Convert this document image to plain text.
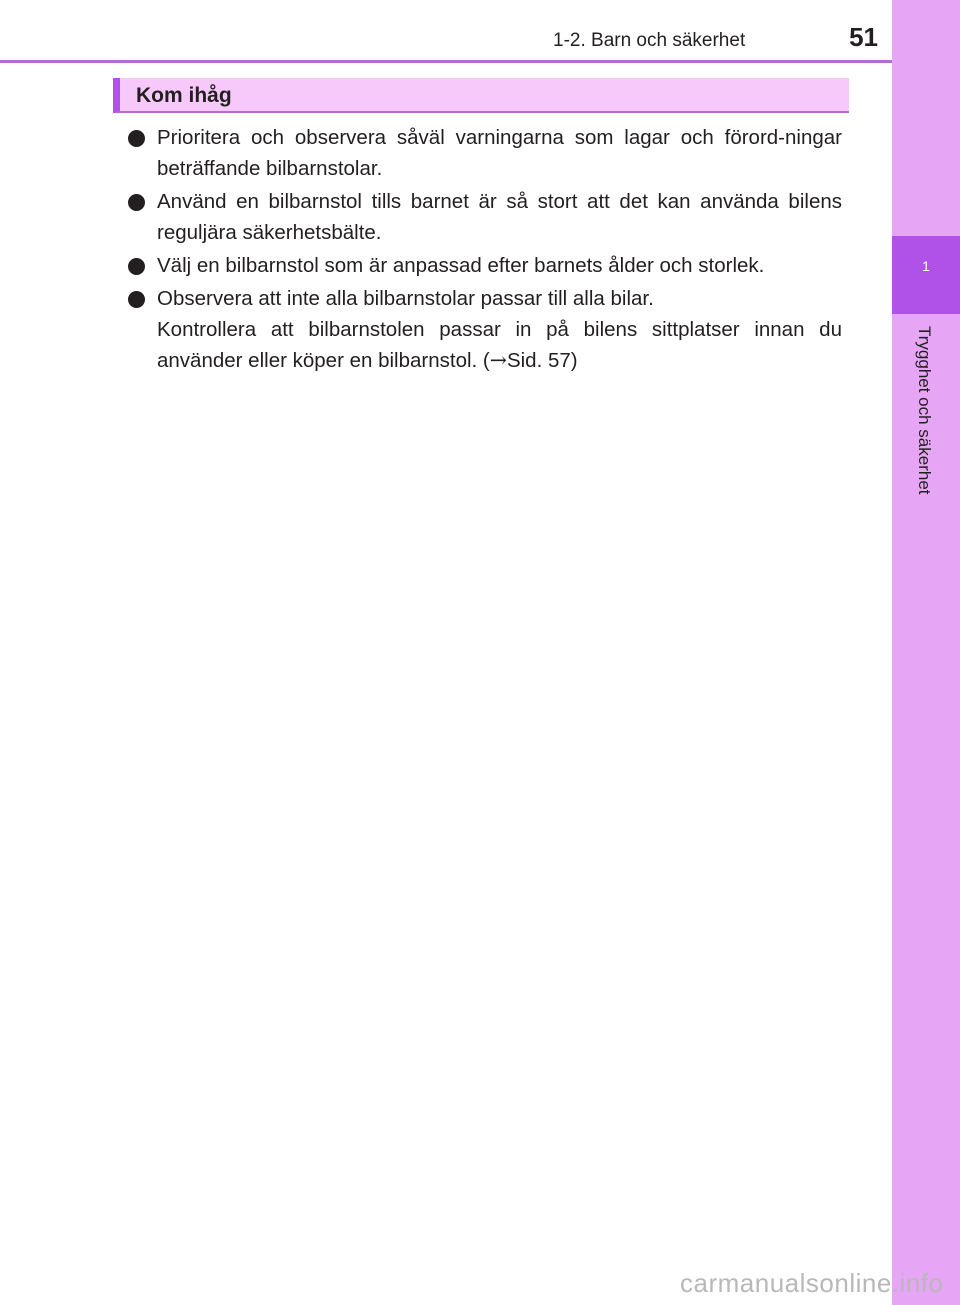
1
Trygghet och säkerhet
1-2. Barn och säkerhet	51
Kom ihåg
Prioritera och observera såväl varningarna som lagar och förord-ningar beträffande bilbarnstolar.
Använd en bilbarnstol tills barnet är så stort att det kan använda bilens reguljära säkerhetsbälte.
Välj en bilbarnstol som är anpassad efter barnets ålder och storlek.
Observera att inte alla bilbarnstolar passar till alla bilar.
Kontrollera att bilbarnstolen passar in på bilens sittplatser innan du använder eller köper en bilbarnstol. (→Sid. 57)
carmanualsonline.info
